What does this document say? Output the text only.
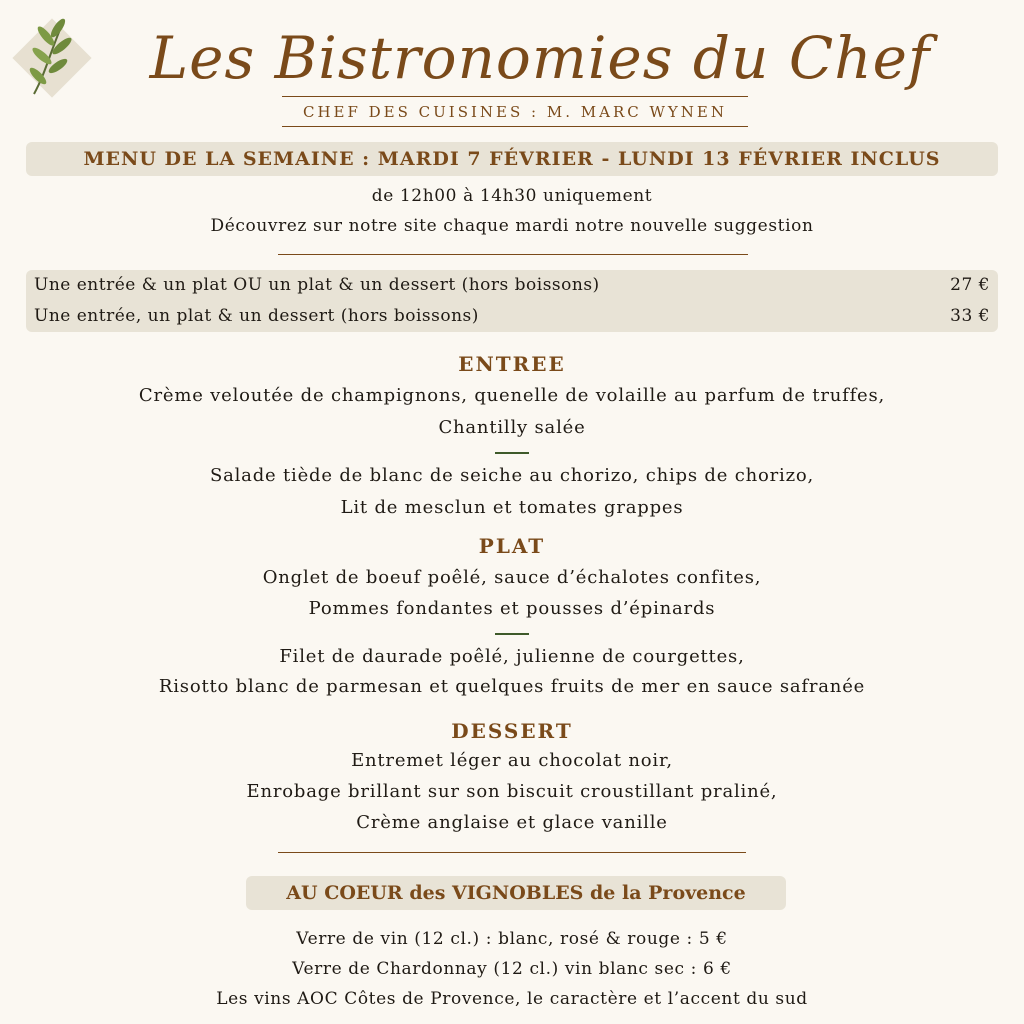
Les Bistronomies du Chef
CHEF DES CUISINES : M. MARC WYNEN
MENU DE LA SEMAINE : MARDI 7 FÉVRIER - LUNDI 13 FÉVRIER INCLUS
de 12h00 à 14h30 uniquement
Découvrez sur notre site chaque mardi notre nouvelle suggestion
Une entrée & un plat OU un plat & un dessert (hors boissons)	27 €
Une entrée, un plat & un dessert (hors boissons)	33 €
ENTREE
Crème veloutée de champignons, quenelle de volaille au parfum de truffes,
Chantilly salée
Salade tiède de blanc de seiche au chorizo, chips de chorizo,
Lit de mesclun et tomates grappes
PLAT
Onglet de boeuf poêlé, sauce d’échalotes confites,
Pommes fondantes et pousses d’épinards
Filet de daurade poêlé, julienne de courgettes,
Risotto blanc de parmesan et quelques fruits de mer en sauce safranée
DESSERT
Entremet léger au chocolat noir,
Enrobage brillant sur son biscuit croustillant praliné,
Crème anglaise et glace vanille
AU COEUR des VIGNOBLES de la Provence
Verre de vin (12 cl.) : blanc, rosé & rouge : 5 €
Verre de Chardonnay (12 cl.) vin blanc sec : 6 €
Les vins AOC Côtes de Provence, le caractère et l’accent du sud
